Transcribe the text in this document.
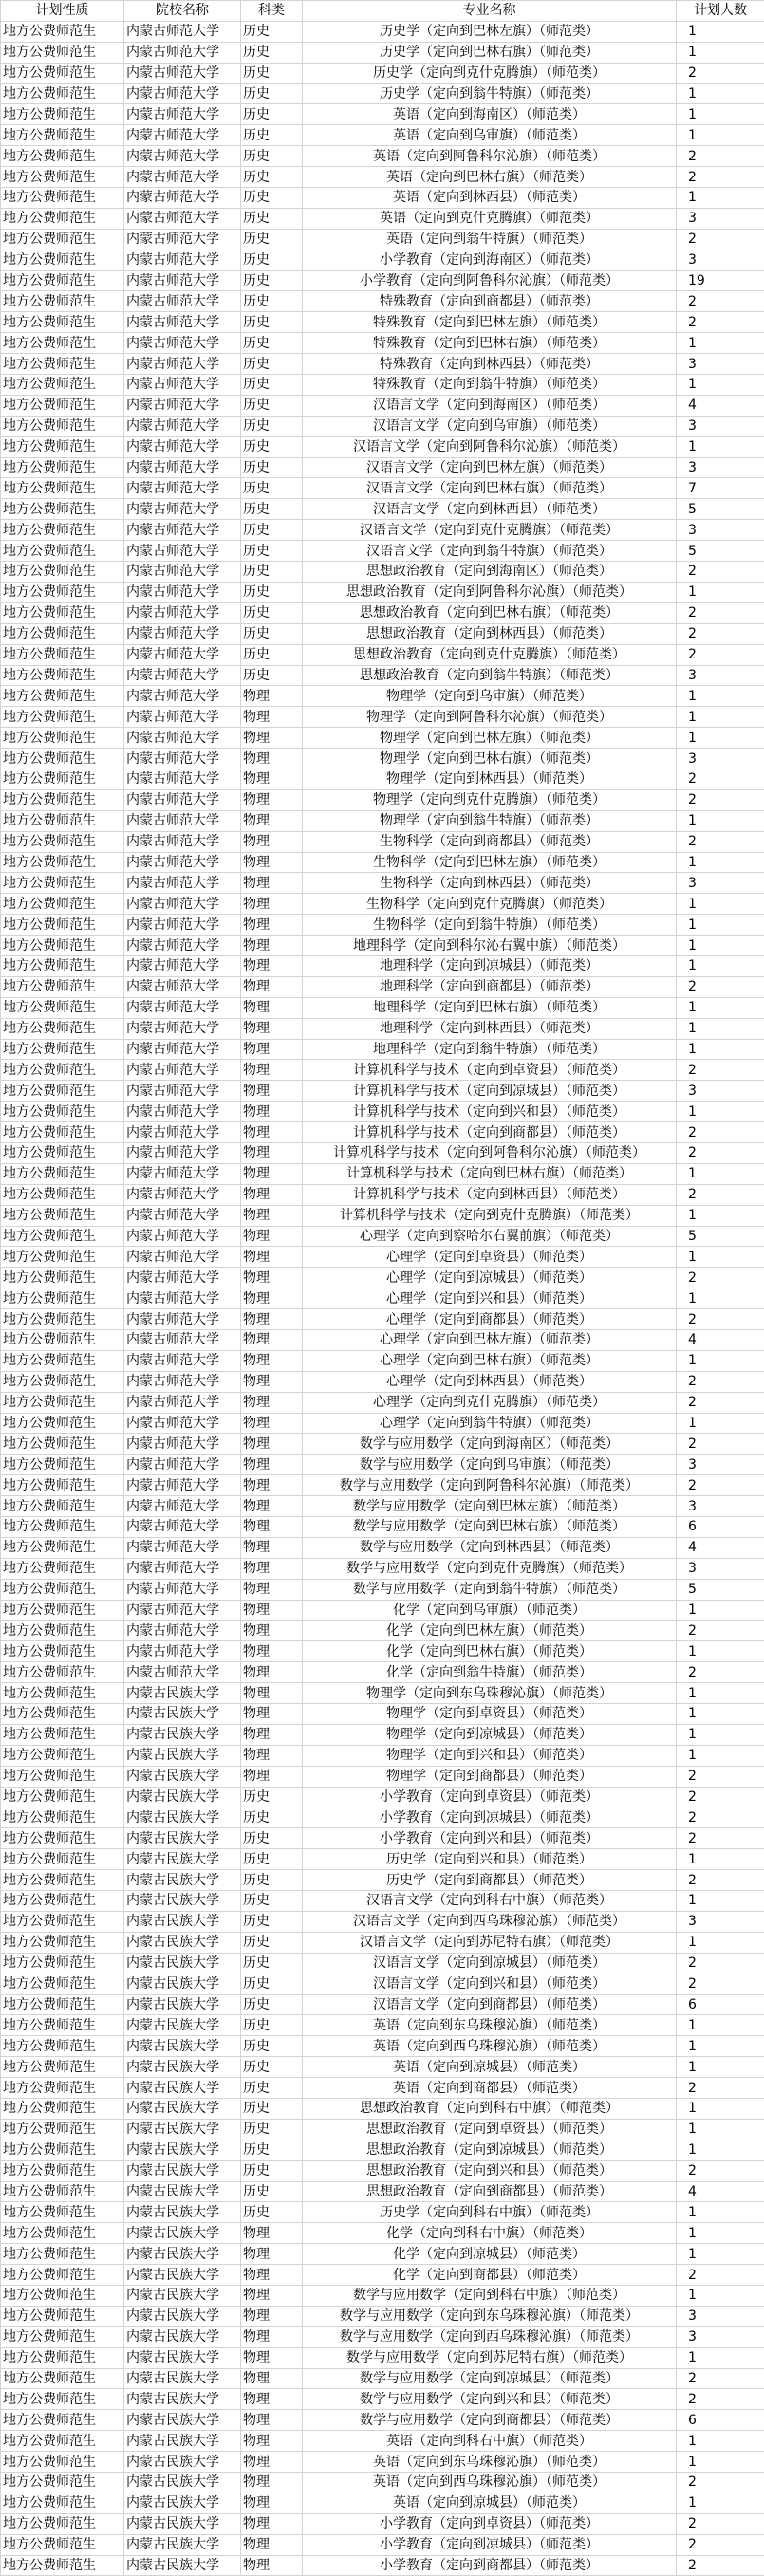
计划性质	院校名称	科类	专业名称	计划人数
地方公费师范生	内蒙古师范大学	历史	历史学（定向到巴林左旗）（师范类）	1
地方公费师范生	内蒙古师范大学	历史	历史学（定向到巴林右旗）（师范类）	1
地方公费师范生	内蒙古师范大学	历史	历史学（定向到克什克腾旗）（师范类）	2
地方公费师范生	内蒙古师范大学	历史	历史学（定向到翁牛特旗）（师范类）	1
地方公费师范生	内蒙古师范大学	历史	英语（定向到海南区）（师范类）	1
地方公费师范生	内蒙古师范大学	历史	英语（定向到乌审旗）（师范类）	1
地方公费师范生	内蒙古师范大学	历史	英语（定向到阿鲁科尔沁旗）（师范类）	2
地方公费师范生	内蒙古师范大学	历史	英语（定向到巴林右旗）（师范类）	2
地方公费师范生	内蒙古师范大学	历史	英语（定向到林西县）（师范类）	1
地方公费师范生	内蒙古师范大学	历史	英语（定向到克什克腾旗）（师范类）	3
地方公费师范生	内蒙古师范大学	历史	英语（定向到翁牛特旗）（师范类）	2
地方公费师范生	内蒙古师范大学	历史	小学教育（定向到海南区）（师范类）	3
地方公费师范生	内蒙古师范大学	历史	小学教育（定向到阿鲁科尔沁旗）（师范类）	19
地方公费师范生	内蒙古师范大学	历史	特殊教育（定向到商都县）（师范类）	2
地方公费师范生	内蒙古师范大学	历史	特殊教育（定向到巴林左旗）（师范类）	2
地方公费师范生	内蒙古师范大学	历史	特殊教育（定向到巴林右旗）（师范类）	1
地方公费师范生	内蒙古师范大学	历史	特殊教育（定向到林西县）（师范类）	3
地方公费师范生	内蒙古师范大学	历史	特殊教育（定向到翁牛特旗）（师范类）	1
地方公费师范生	内蒙古师范大学	历史	汉语言文学（定向到海南区）（师范类）	4
地方公费师范生	内蒙古师范大学	历史	汉语言文学（定向到乌审旗）（师范类）	3
地方公费师范生	内蒙古师范大学	历史	汉语言文学（定向到阿鲁科尔沁旗）（师范类）	1
地方公费师范生	内蒙古师范大学	历史	汉语言文学（定向到巴林左旗）（师范类）	3
地方公费师范生	内蒙古师范大学	历史	汉语言文学（定向到巴林右旗）（师范类）	7
地方公费师范生	内蒙古师范大学	历史	汉语言文学（定向到林西县）（师范类）	5
地方公费师范生	内蒙古师范大学	历史	汉语言文学（定向到克什克腾旗）（师范类）	3
地方公费师范生	内蒙古师范大学	历史	汉语言文学（定向到翁牛特旗）（师范类）	5
地方公费师范生	内蒙古师范大学	历史	思想政治教育（定向到海南区）（师范类）	2
地方公费师范生	内蒙古师范大学	历史	思想政治教育（定向到阿鲁科尔沁旗）（师范类）	1
地方公费师范生	内蒙古师范大学	历史	思想政治教育（定向到巴林右旗）（师范类）	2
地方公费师范生	内蒙古师范大学	历史	思想政治教育（定向到林西县）（师范类）	2
地方公费师范生	内蒙古师范大学	历史	思想政治教育（定向到克什克腾旗）（师范类）	2
地方公费师范生	内蒙古师范大学	历史	思想政治教育（定向到翁牛特旗）（师范类）	3
地方公费师范生	内蒙古师范大学	物理	物理学（定向到乌审旗）（师范类）	1
地方公费师范生	内蒙古师范大学	物理	物理学（定向到阿鲁科尔沁旗）（师范类）	1
地方公费师范生	内蒙古师范大学	物理	物理学（定向到巴林左旗）（师范类）	1
地方公费师范生	内蒙古师范大学	物理	物理学（定向到巴林右旗）（师范类）	3
地方公费师范生	内蒙古师范大学	物理	物理学（定向到林西县）（师范类）	2
地方公费师范生	内蒙古师范大学	物理	物理学（定向到克什克腾旗）（师范类）	2
地方公费师范生	内蒙古师范大学	物理	物理学（定向到翁牛特旗）（师范类）	1
地方公费师范生	内蒙古师范大学	物理	生物科学（定向到商都县）（师范类）	2
地方公费师范生	内蒙古师范大学	物理	生物科学（定向到巴林左旗）（师范类）	1
地方公费师范生	内蒙古师范大学	物理	生物科学（定向到林西县）（师范类）	3
地方公费师范生	内蒙古师范大学	物理	生物科学（定向到克什克腾旗）（师范类）	1
地方公费师范生	内蒙古师范大学	物理	生物科学（定向到翁牛特旗）（师范类）	1
地方公费师范生	内蒙古师范大学	物理	地理科学（定向到科尔沁右翼中旗）（师范类）	1
地方公费师范生	内蒙古师范大学	物理	地理科学（定向到凉城县）（师范类）	1
地方公费师范生	内蒙古师范大学	物理	地理科学（定向到商都县）（师范类）	2
地方公费师范生	内蒙古师范大学	物理	地理科学（定向到巴林右旗）（师范类）	1
地方公费师范生	内蒙古师范大学	物理	地理科学（定向到林西县）（师范类）	1
地方公费师范生	内蒙古师范大学	物理	地理科学（定向到翁牛特旗）（师范类）	1
地方公费师范生	内蒙古师范大学	物理	计算机科学与技术（定向到卓资县）（师范类）	2
地方公费师范生	内蒙古师范大学	物理	计算机科学与技术（定向到凉城县）（师范类）	3
地方公费师范生	内蒙古师范大学	物理	计算机科学与技术（定向到兴和县）（师范类）	1
地方公费师范生	内蒙古师范大学	物理	计算机科学与技术（定向到商都县）（师范类）	2
地方公费师范生	内蒙古师范大学	物理	计算机科学与技术（定向到阿鲁科尔沁旗）（师范类）	2
地方公费师范生	内蒙古师范大学	物理	计算机科学与技术（定向到巴林右旗）（师范类）	1
地方公费师范生	内蒙古师范大学	物理	计算机科学与技术（定向到林西县）（师范类）	2
地方公费师范生	内蒙古师范大学	物理	计算机科学与技术（定向到克什克腾旗）（师范类）	1
地方公费师范生	内蒙古师范大学	物理	心理学（定向到察哈尔右翼前旗）（师范类）	5
地方公费师范生	内蒙古师范大学	物理	心理学（定向到卓资县）（师范类）	1
地方公费师范生	内蒙古师范大学	物理	心理学（定向到凉城县）（师范类）	2
地方公费师范生	内蒙古师范大学	物理	心理学（定向到兴和县）（师范类）	1
地方公费师范生	内蒙古师范大学	物理	心理学（定向到商都县）（师范类）	2
地方公费师范生	内蒙古师范大学	物理	心理学（定向到巴林左旗）（师范类）	4
地方公费师范生	内蒙古师范大学	物理	心理学（定向到巴林右旗）（师范类）	1
地方公费师范生	内蒙古师范大学	物理	心理学（定向到林西县）（师范类）	2
地方公费师范生	内蒙古师范大学	物理	心理学（定向到克什克腾旗）（师范类）	2
地方公费师范生	内蒙古师范大学	物理	心理学（定向到翁牛特旗）（师范类）	1
地方公费师范生	内蒙古师范大学	物理	数学与应用数学（定向到海南区）（师范类）	2
地方公费师范生	内蒙古师范大学	物理	数学与应用数学（定向到乌审旗）（师范类）	3
地方公费师范生	内蒙古师范大学	物理	数学与应用数学（定向到阿鲁科尔沁旗）（师范类）	2
地方公费师范生	内蒙古师范大学	物理	数学与应用数学（定向到巴林左旗）（师范类）	3
地方公费师范生	内蒙古师范大学	物理	数学与应用数学（定向到巴林右旗）（师范类）	6
地方公费师范生	内蒙古师范大学	物理	数学与应用数学（定向到林西县）（师范类）	4
地方公费师范生	内蒙古师范大学	物理	数学与应用数学（定向到克什克腾旗）（师范类）	3
地方公费师范生	内蒙古师范大学	物理	数学与应用数学（定向到翁牛特旗）（师范类）	5
地方公费师范生	内蒙古师范大学	物理	化学（定向到乌审旗）（师范类）	1
地方公费师范生	内蒙古师范大学	物理	化学（定向到巴林左旗）（师范类）	2
地方公费师范生	内蒙古师范大学	物理	化学（定向到巴林右旗）（师范类）	1
地方公费师范生	内蒙古师范大学	物理	化学（定向到翁牛特旗）（师范类）	2
地方公费师范生	内蒙古民族大学	物理	物理学（定向到东乌珠穆沁旗）（师范类）	1
地方公费师范生	内蒙古民族大学	物理	物理学（定向到卓资县）（师范类）	1
地方公费师范生	内蒙古民族大学	物理	物理学（定向到凉城县）（师范类）	1
地方公费师范生	内蒙古民族大学	物理	物理学（定向到兴和县）（师范类）	1
地方公费师范生	内蒙古民族大学	物理	物理学（定向到商都县）（师范类）	2
地方公费师范生	内蒙古民族大学	历史	小学教育（定向到卓资县）（师范类）	2
地方公费师范生	内蒙古民族大学	历史	小学教育（定向到凉城县）（师范类）	2
地方公费师范生	内蒙古民族大学	历史	小学教育（定向到兴和县）（师范类）	2
地方公费师范生	内蒙古民族大学	历史	历史学（定向到兴和县）（师范类）	1
地方公费师范生	内蒙古民族大学	历史	历史学（定向到商都县）（师范类）	2
地方公费师范生	内蒙古民族大学	历史	汉语言文学（定向到科右中旗）（师范类）	1
地方公费师范生	内蒙古民族大学	历史	汉语言文学（定向到西乌珠穆沁旗）（师范类）	3
地方公费师范生	内蒙古民族大学	历史	汉语言文学（定向到苏尼特右旗）（师范类）	1
地方公费师范生	内蒙古民族大学	历史	汉语言文学（定向到凉城县）（师范类）	2
地方公费师范生	内蒙古民族大学	历史	汉语言文学（定向到兴和县）（师范类）	2
地方公费师范生	内蒙古民族大学	历史	汉语言文学（定向到商都县）（师范类）	6
地方公费师范生	内蒙古民族大学	历史	英语（定向到东乌珠穆沁旗）（师范类）	1
地方公费师范生	内蒙古民族大学	历史	英语（定向到西乌珠穆沁旗）（师范类）	1
地方公费师范生	内蒙古民族大学	历史	英语（定向到凉城县）（师范类）	1
地方公费师范生	内蒙古民族大学	历史	英语（定向到商都县）（师范类）	2
地方公费师范生	内蒙古民族大学	历史	思想政治教育（定向到科右中旗）（师范类）	1
地方公费师范生	内蒙古民族大学	历史	思想政治教育（定向到卓资县）（师范类）	1
地方公费师范生	内蒙古民族大学	历史	思想政治教育（定向到凉城县）（师范类）	1
地方公费师范生	内蒙古民族大学	历史	思想政治教育（定向到兴和县）（师范类）	2
地方公费师范生	内蒙古民族大学	历史	思想政治教育（定向到商都县）（师范类）	4
地方公费师范生	内蒙古民族大学	历史	历史学（定向到科右中旗）（师范类）	1
地方公费师范生	内蒙古民族大学	物理	化学（定向到科右中旗）（师范类）	1
地方公费师范生	内蒙古民族大学	物理	化学（定向到凉城县）（师范类）	1
地方公费师范生	内蒙古民族大学	物理	化学（定向到商都县）（师范类）	2
地方公费师范生	内蒙古民族大学	物理	数学与应用数学（定向到科右中旗）（师范类）	1
地方公费师范生	内蒙古民族大学	物理	数学与应用数学（定向到东乌珠穆沁旗）（师范类）	3
地方公费师范生	内蒙古民族大学	物理	数学与应用数学（定向到西乌珠穆沁旗）（师范类）	3
地方公费师范生	内蒙古民族大学	物理	数学与应用数学（定向到苏尼特右旗）（师范类）	1
地方公费师范生	内蒙古民族大学	物理	数学与应用数学（定向到凉城县）（师范类）	2
地方公费师范生	内蒙古民族大学	物理	数学与应用数学（定向到兴和县）（师范类）	2
地方公费师范生	内蒙古民族大学	物理	数学与应用数学（定向到商都县）（师范类）	6
地方公费师范生	内蒙古民族大学	物理	英语（定向到科右中旗）（师范类）	1
地方公费师范生	内蒙古民族大学	物理	英语（定向到东乌珠穆沁旗）（师范类）	1
地方公费师范生	内蒙古民族大学	物理	英语（定向到西乌珠穆沁旗）（师范类）	2
地方公费师范生	内蒙古民族大学	物理	英语（定向到凉城县）（师范类）	1
地方公费师范生	内蒙古民族大学	物理	小学教育（定向到卓资县）（师范类）	2
地方公费师范生	内蒙古民族大学	物理	小学教育（定向到凉城县）（师范类）	2
地方公费师范生	内蒙古民族大学	物理	小学教育（定向到商都县）（师范类）	2
